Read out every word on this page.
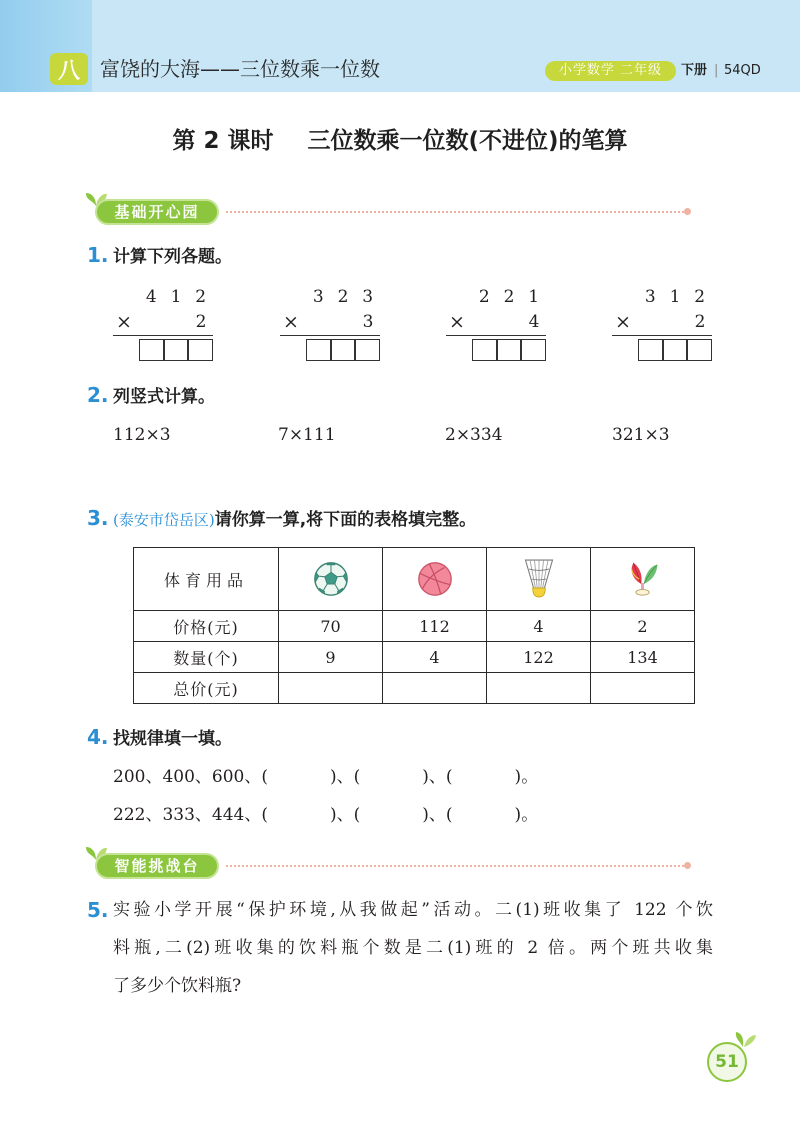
八	富饶的大海——三位数乘一位数	小学数学 二年级	下册 | 54QD
第 2 课时 三位数乘一位数(不进位)的笔算
基础开心园
1. 计算下列各题。
4 1 2
×	2
3 2 3
×	3
2 2 1
×	4
3 1 2
×	2
2. 列竖式计算。
112×3	7×111	2×334	321×3
3. (泰安市岱岳区)请你算一算,将下面的表格填完整。
体育用品				
价格(元)	70	112	4	2
数量(个)	9	4	122	134
总价(元)				
4. 找规律填一填。
200、400、600、(	)、(	)、(	)。
222、333、444、(	)、(	)、(	)。
智能挑战台
5. 实验小学开展“保护环境,从我做起”活动。二(1)班收集了 122 个饮
料瓶,二(2)班收集的饮料瓶个数是二(1)班的 2 倍。两个班共收集
了多少个饮料瓶?
51
